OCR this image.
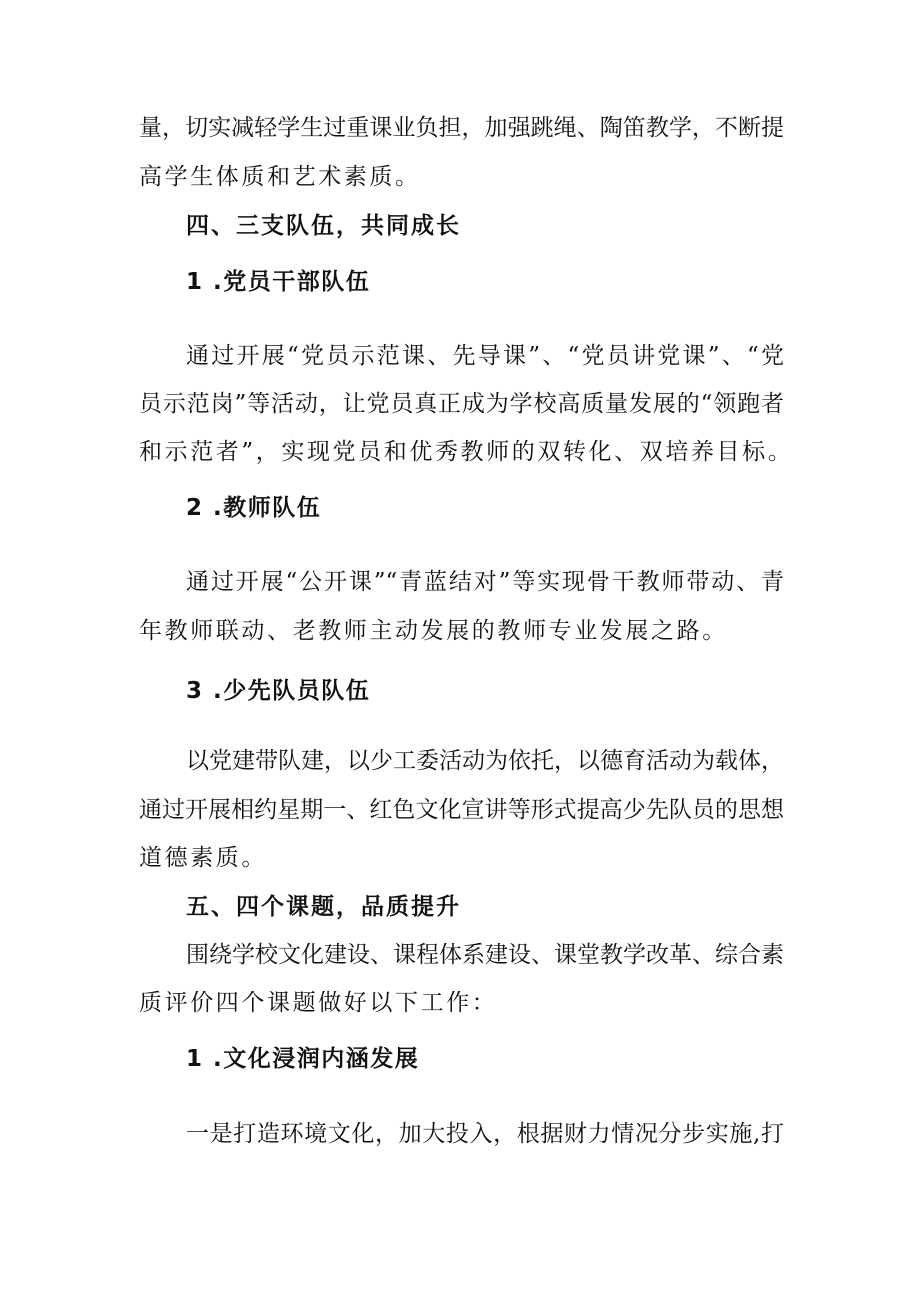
量，切实减轻学生过重课业负担，加强跳绳、陶笛教学，不断提
高学生体质和艺术素质。
四、三支队伍，共同成长
1 .党员干部队伍
通过开展“党员示范课、先导课”、“党员讲党课”、“党
员示范岗”等活动，让党员真正成为学校高质量发展的“领跑者
和示范者”，实现党员和优秀教师的双转化、双培养目标。
2 .教师队伍
通过开展“公开课”“青蓝结对”等实现骨干教师带动、青
年教师联动、老教师主动发展的教师专业发展之路。
3 .少先队员队伍
以党建带队建，以少工委活动为依托，以德育活动为载体，
通过开展相约星期一、红色文化宣讲等形式提高少先队员的思想
道德素质。
五、四个课题，品质提升
围绕学校文化建设、课程体系建设、课堂教学改革、综合素
质评价四个课题做好以下工作：
1 .文化浸润内涵发展
一是打造环境文化，加大投入，根据财力情况分步实施,打
